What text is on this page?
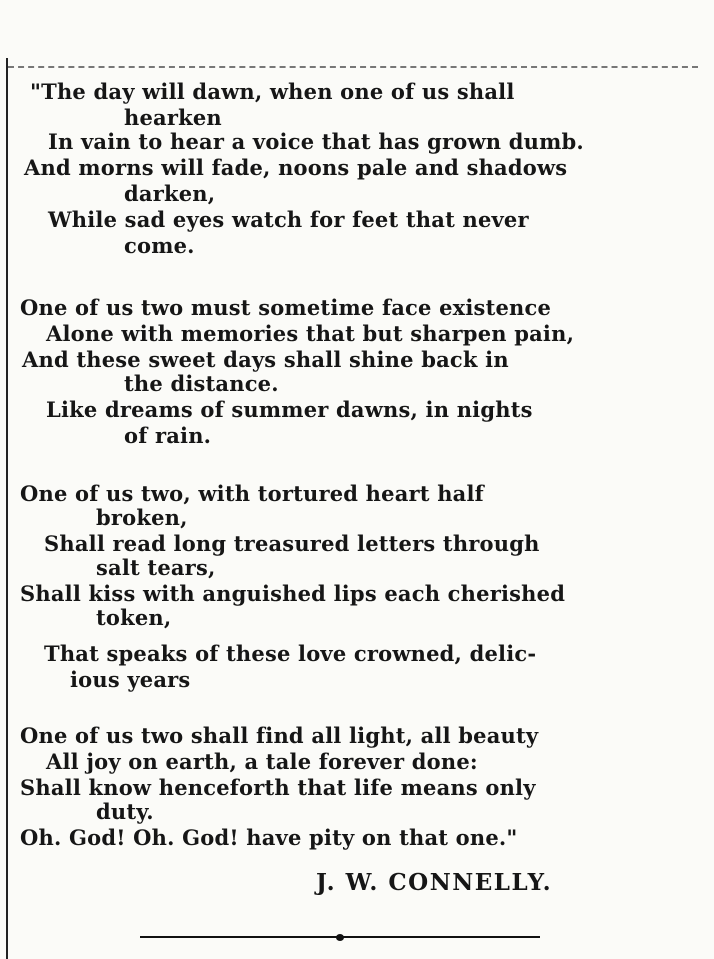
"The day will dawn, when one of us shall
hearken
In vain to hear a voice that has grown dumb.
And morns will fade, noons pale and shadows
darken,
While sad eyes watch for feet that never
come.
One of us two must sometime face existence
Alone with memories that but sharpen pain,
And these sweet days shall shine back in
the distance.
Like dreams of summer dawns, in nights
of rain.
One of us two, with tortured heart half
broken,
Shall read long treasured letters through
salt tears,
Shall kiss with anguished lips each cherished
token,
That speaks of these love crowned, delic-
ious years
One of us two shall find all light, all beauty
All joy on earth, a tale forever done:
Shall know henceforth that life means only
duty.
Oh. God! Oh. God! have pity on that one."
J. W. CONNELLY.
